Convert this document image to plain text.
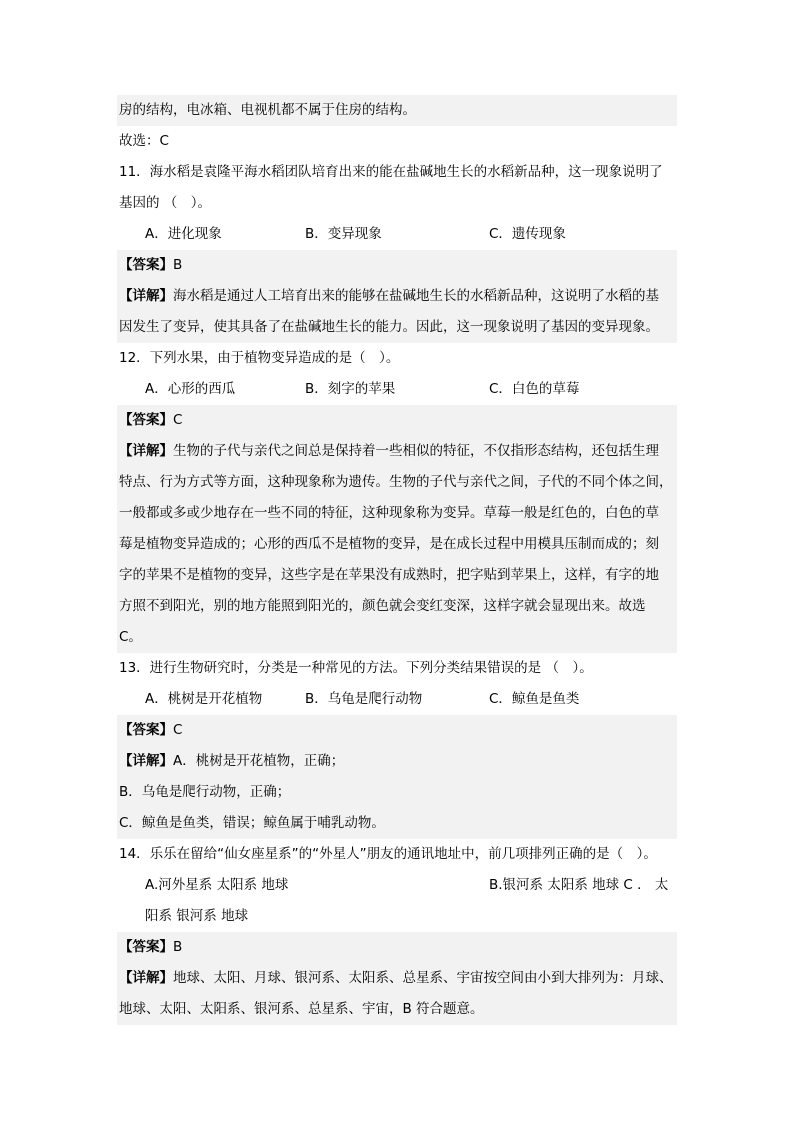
房的结构，电冰箱、电视机都不属于住房的结构。
故选：C
11．海水稻是袁隆平海水稻团队培育出来的能在盐碱地生长的水稻新品种，这一现象说明了
基因的 （　）。
A．进化现象	B．变异现象	C．遗传现象
【答案】B
【详解】海水稻是通过人工培育出来的能够在盐碱地生长的水稻新品种，这说明了水稻的基
因发生了变异，使其具备了在盐碱地生长的能力。因此，这一现象说明了基因的变异现象。
12．下列水果，由于植物变异造成的是（　）。
A．心形的西瓜	B．刻字的苹果	C．白色的草莓
【答案】C
【详解】生物的子代与亲代之间总是保持着一些相似的特征，不仅指形态结构，还包括生理
特点、行为方式等方面，这种现象称为遗传。生物的子代与亲代之间，子代的不同个体之间，
一般都或多或少地存在一些不同的特征，这种现象称为变异。草莓一般是红色的，白色的草
莓是植物变异造成的；心形的西瓜不是植物的变异，是在成长过程中用模具压制而成的；刻
字的苹果不是植物的变异，这些字是在苹果没有成熟时，把字贴到苹果上，这样，有字的地
方照不到阳光，别的地方能照到阳光的，颜色就会变红变深，这样字就会显现出来。故选
C。
13．进行生物研究时，分类是一种常见的方法。下列分类结果错误的是 （　）。
A．桃树是开花植物	B．乌龟是爬行动物	C．鲸鱼是鱼类
【答案】C
【详解】A．桃树是开花植物，正确；
B．乌龟是爬行动物，正确；
C．鲸鱼是鱼类，错误；鲸鱼属于哺乳动物。
14．乐乐在留给“仙女座星系”的“外星人”朋友的通讯地址中，前几项排列正确的是（　）。
A.河外星系 太阳系 地球	B.银河系 太阳系 地球 C ． 太
阳系 银河系 地球
【答案】B
【详解】地球、太阳、月球、银河系、太阳系、总星系、宇宙按空间由小到大排列为：月球、
地球、太阳、太阳系、银河系、总星系、宇宙，B 符合题意。
